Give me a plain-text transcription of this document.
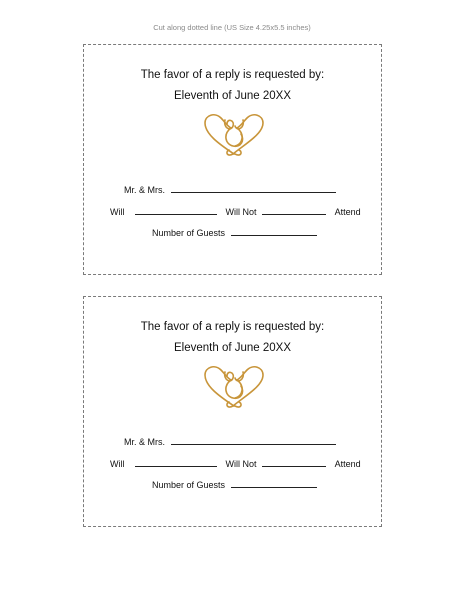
Cut along dotted line (US Size 4.25x5.5 inches)
The favor of a reply is requested by:
Eleventh of June 20XX
Mr. & Mrs.
Will	Will Not	Attend
Number of Guests
The favor of a reply is requested by:
Eleventh of June 20XX
Mr. & Mrs.
Will	Will Not	Attend
Number of Guests
